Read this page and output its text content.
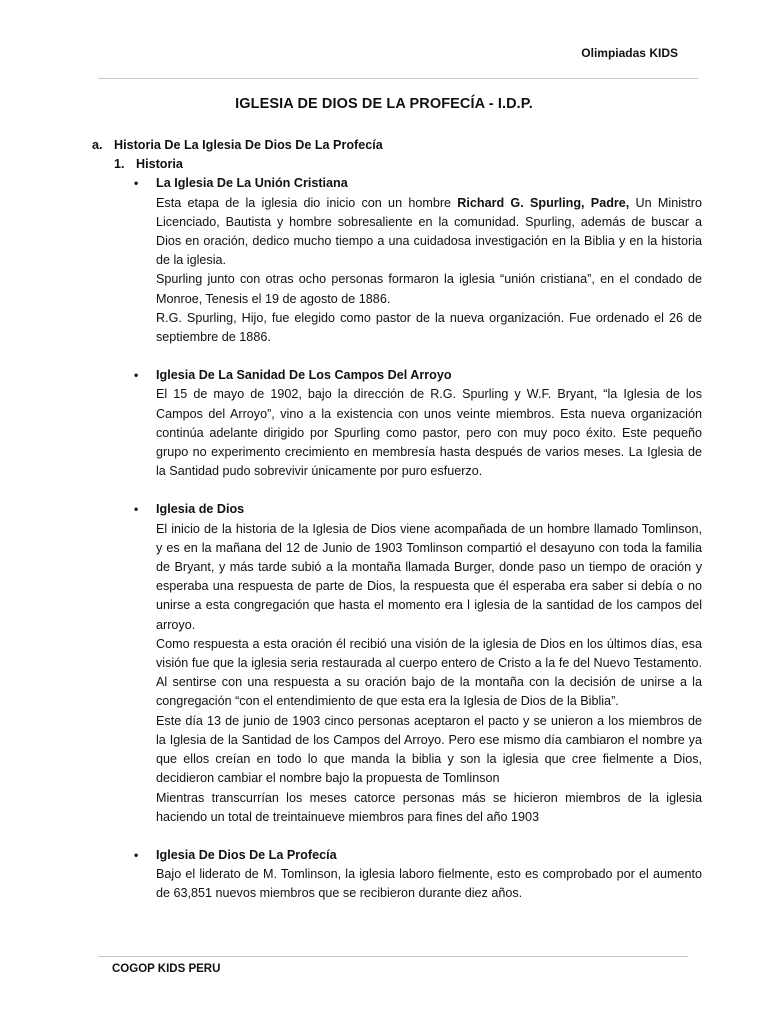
Olimpiadas KIDS
IGLESIA DE DIOS DE LA PROFECÍA - I.D.P.
a. Historia De La Iglesia De Dios De La Profecía
1. Historia
• La Iglesia De La Unión Cristiana

Esta etapa de la iglesia dio inicio con un hombre Richard G. Spurling, Padre, Un Ministro Licenciado, Bautista y hombre sobresaliente en la comunidad. Spurling, además de buscar a Dios en oración, dedico mucho tiempo a una cuidadosa investigación en la Biblia y en la historia de la iglesia.

Spurling junto con otras ocho personas formaron la iglesia “unión cristiana”, en el condado de Monroe, Tenesis el 19 de agosto de 1886.

R.G. Spurling, Hijo, fue elegido como pastor de la nueva organización. Fue ordenado el 26 de septiembre de 1886.

• Iglesia De La Sanidad De Los Campos Del Arroyo

El 15 de mayo de 1902, bajo la dirección de R.G. Spurling y W.F. Bryant, “la Iglesia de los Campos del Arroyo”, vino a la existencia con unos veinte miembros. Esta nueva organización continúa adelante dirigido por Spurling como pastor, pero con muy poco éxito. Este pequeño grupo no experimento crecimiento en membresía hasta después de varios meses. La Iglesia de la Santidad pudo sobrevivir únicamente por puro esfuerzo.

• Iglesia de Dios

El inicio de la historia de la Iglesia de Dios viene acompañada de un hombre llamado Tomlinson, y es en la mañana del 12 de Junio de 1903 Tomlinson compartió el desayuno con toda la familia de Bryant, y más tarde subió a la montaña llamada Burger, donde paso un tiempo de oración y esperaba una respuesta de parte de Dios, la respuesta que él esperaba era saber si debía o no unirse a esta congregación que hasta el momento era l iglesia de la santidad de los campos del arroyo.

Como respuesta a esta oración él recibió una visión de la iglesia de Dios en los últimos días, esa visión fue que la iglesia seria restaurada al cuerpo entero de Cristo a la fe del Nuevo Testamento. Al sentirse con una respuesta a su oración bajo de la montaña con la decisión de unirse a la congregación “con el entendimiento de que esta era la Iglesia de Dios de la Biblia”.

Este día 13 de junio de 1903 cinco personas aceptaron el pacto y se unieron a los miembros de la Iglesia de la Santidad de los Campos del Arroyo. Pero ese mismo día cambiaron el nombre ya que ellos creían en todo lo que manda la biblia y son la iglesia que cree fielmente a Dios, decidieron cambiar el nombre bajo la propuesta de Tomlinson

Mientras transcurrían los meses catorce personas más se hicieron miembros de la iglesia haciendo un total de treintainueve miembros para fines del año 1903

• Iglesia De Dios De La Profecía

Bajo el liderato de M. Tomlinson, la iglesia laboro fielmente, esto es comprobado por el aumento de 63,851 nuevos miembros que se recibieron durante diez años.

COGOP KIDS PERU
